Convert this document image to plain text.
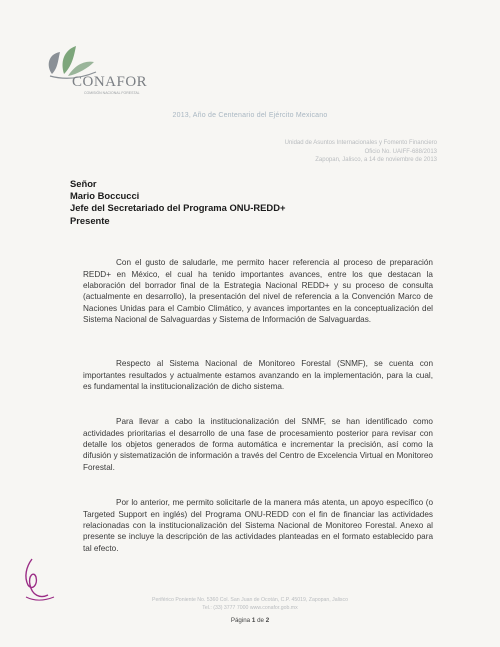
CONAFOR
COMISIÓN NACIONAL FORESTAL
2013, Año de Centenario del Ejército Mexicano
Unidad de Asuntos Internacionales y Fomento Financiero
Oficio No. UAIFF-688/2013
Zapopan, Jalisco, a 14 de noviembre de 2013
Señor
Mario Boccucci
Jefe del Secretariado del Programa ONU-REDD+
Presente

Con el gusto de saludarle, me permito hacer referencia al proceso de preparación REDD+ en México, el cual ha tenido importantes avances, entre los que destacan la elaboración del borrador final de la Estrategia Nacional REDD+ y su proceso de consulta (actualmente en desarrollo), la presentación del nivel de referencia a la Convención Marco de Naciones Unidas para el Cambio Climático, y avances importantes en la conceptualización del Sistema Nacional de Salvaguardas y Sistema de Información de Salvaguardas.

Respecto al Sistema Nacional de Monitoreo Forestal (SNMF), se cuenta con importantes resultados y actualmente estamos avanzando en la implementación, para la cual, es fundamental la institucionalización de dicho sistema.

Para llevar a cabo la institucionalización del SNMF, se han identificado como actividades prioritarias el desarrollo de una fase de procesamiento posterior para revisar con detalle los objetos generados de forma automática e incrementar la precisión, así como la difusión y sistematización de información a través del Centro de Excelencia Virtual en Monitoreo Forestal.

Por lo anterior, me permito solicitarle de la manera más atenta, un apoyo específico (o Targeted Support en inglés) del Programa ONU-REDD con el fin de financiar las actividades relacionadas con la institucionalización del Sistema Nacional de Monitoreo Forestal. Anexo al presente se incluye la descripción de las actividades planteadas en el formato establecido para tal efecto.

Periférico Poniente No. 5360 Col. San Juan de Ocotán, C.P. 45019, Zapopan, Jalisco
Tel.: (33) 3777 7000 www.conafor.gob.mx
Página 1 de 2
